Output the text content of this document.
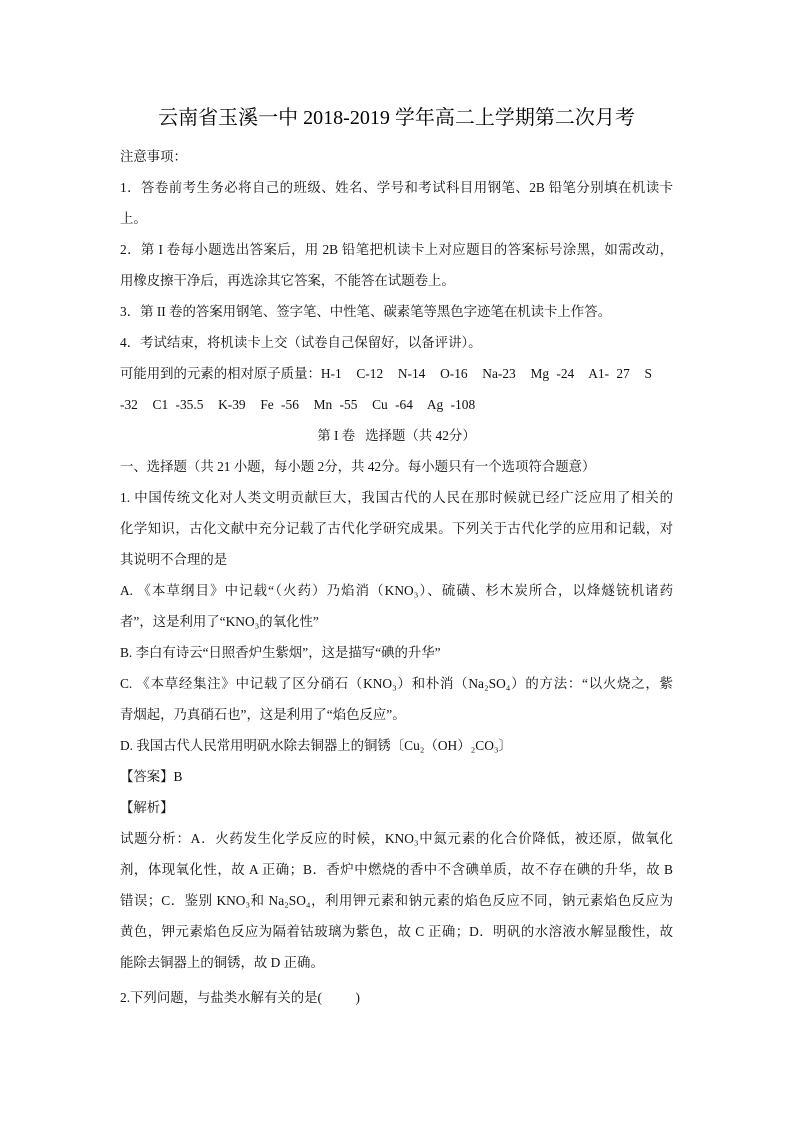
云南省玉溪一中 2018-2019 学年高二上学期第二次月考
注意事项：
1．答卷前考生务必将自己的班级、姓名、学号和考试科目用钢笔、2B 铅笔分别填在机读卡
上。
2．第 I 卷每小题选出答案后，用 2B 铅笔把机读卡上对应题目的答案标号涂黑，如需改动，
用橡皮擦干净后，再选涂其它答案，不能答在试题卷上。
3．第 II 卷的答案用钢笔、签字笔、中性笔、碳素笔等黑色字迹笔在机读卡上作答。
4．考试结束，将机读卡上交（试卷自己保留好，以备评讲）。
可能用到的元素的相对原子质量：H-1  C-12  N-14  O-16  Na-23  Mg -24  A1- 27  S
-32  C1 -35.5  K-39  Fe -56  Mn -55  Cu -64  Ag -108
第 I 卷   选择题（共 42分）
一、选择题（共 21 小题，每小题 2分，共 42分。每小题只有一个选项符合题意）
1. 中国传统文化对人类文明贡献巨大，我国古代的人民在那时候就已经广泛应用了相关的
化学知识，古化文献中充分记载了古代化学研究成果。下列关于古代化学的应用和记载，对
其说明不合理的是
A. 《本草纲目》中记载“（火药）乃焰消（KNO₃）、硫磺、杉木炭所合，以烽燧铳机诸药
者”，这是利用了“KNO₃的氧化性”
B. 李白有诗云“日照香炉生紫烟”，这是描写“碘的升华”
C. 《本草经集注》中记载了区分硝石（KNO₃）和朴消（Na₂SO₄）的方法：“以火烧之，紫
青烟起，乃真硝石也”，这是利用了“焰色反应”。
D. 我国古代人民常用明矾水除去铜器上的铜锈〔Cu₂（OH）₂CO₃〕
【答案】B
【解析】
试题分析：A．火药发生化学反应的时候，KNO₃中氮元素的化合价降低，被还原，做氧化
剂，体现氧化性，故 A 正确；B．香炉中燃烧的香中不含碘单质，故不存在碘的升华，故 B
错误；C．鉴别 KNO₃和 Na₂SO₄，利用钾元素和钠元素的焰色反应不同，钠元素焰色反应为
黄色，钾元素焰色反应为隔着钴玻璃为紫色，故 C 正确；D．明矾的水溶液水解显酸性，故
能除去铜器上的铜锈，故 D 正确。
2.下列问题，与盐类水解有关的是(          )
